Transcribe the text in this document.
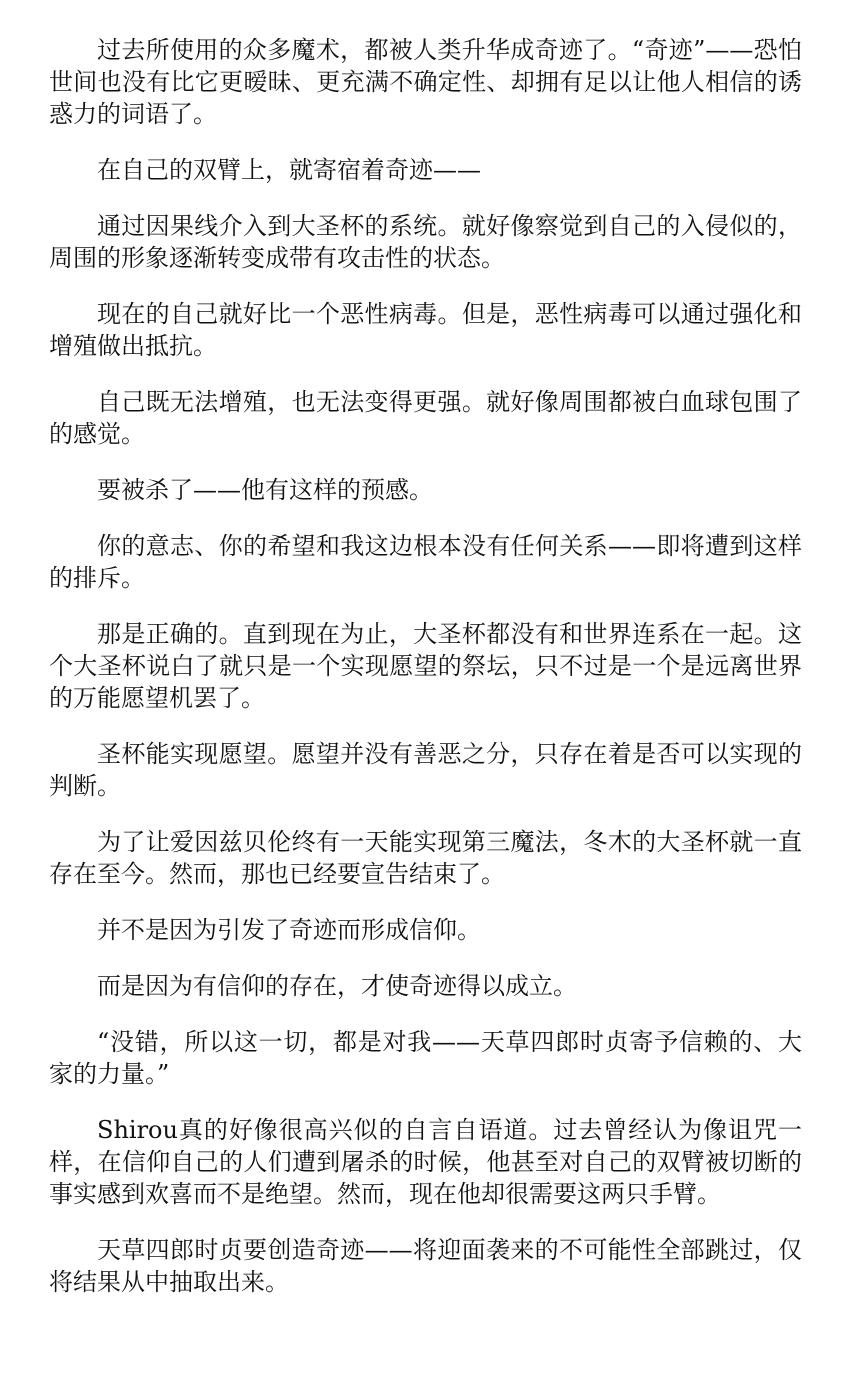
过去所使用的众多魔术，都被人类升华成奇迹了。“奇迹”——恐怕世间也没有比它更暧昧、更充满不确定性、却拥有足以让他人相信的诱惑力的词语了。

在自己的双臂上，就寄宿着奇迹——

通过因果线介入到大圣杯的系统。就好像察觉到自己的入侵似的，周围的形象逐渐转变成带有攻击性的状态。

现在的自己就好比一个恶性病毒。但是，恶性病毒可以通过强化和增殖做出抵抗。

自己既无法增殖，也无法变得更强。就好像周围都被白血球包围了的感觉。

要被杀了——他有这样的预感。

你的意志、你的希望和我这边根本没有任何关系——即将遭到这样的排斥。

那是正确的。直到现在为止，大圣杯都没有和世界连系在一起。这个大圣杯说白了就只是一个实现愿望的祭坛，只不过是一个是远离世界的万能愿望机罢了。

圣杯能实现愿望。愿望并没有善恶之分，只存在着是否可以实现的判断。

为了让爱因兹贝伦终有一天能实现第三魔法，冬木的大圣杯就一直存在至今。然而，那也已经要宣告结束了。

并不是因为引发了奇迹而形成信仰。

而是因为有信仰的存在，才使奇迹得以成立。

“没错，所以这一切，都是对我——天草四郎时贞寄予信赖的、大家的力量。”

Shirou真的好像很高兴似的自言自语道。过去曾经认为像诅咒一样，在信仰自己的人们遭到屠杀的时候，他甚至对自己的双臂被切断的事实感到欢喜而不是绝望。然而，现在他却很需要这两只手臂。

天草四郎时贞要创造奇迹——将迎面袭来的不可能性全部跳过，仅将结果从中抽取出来。
